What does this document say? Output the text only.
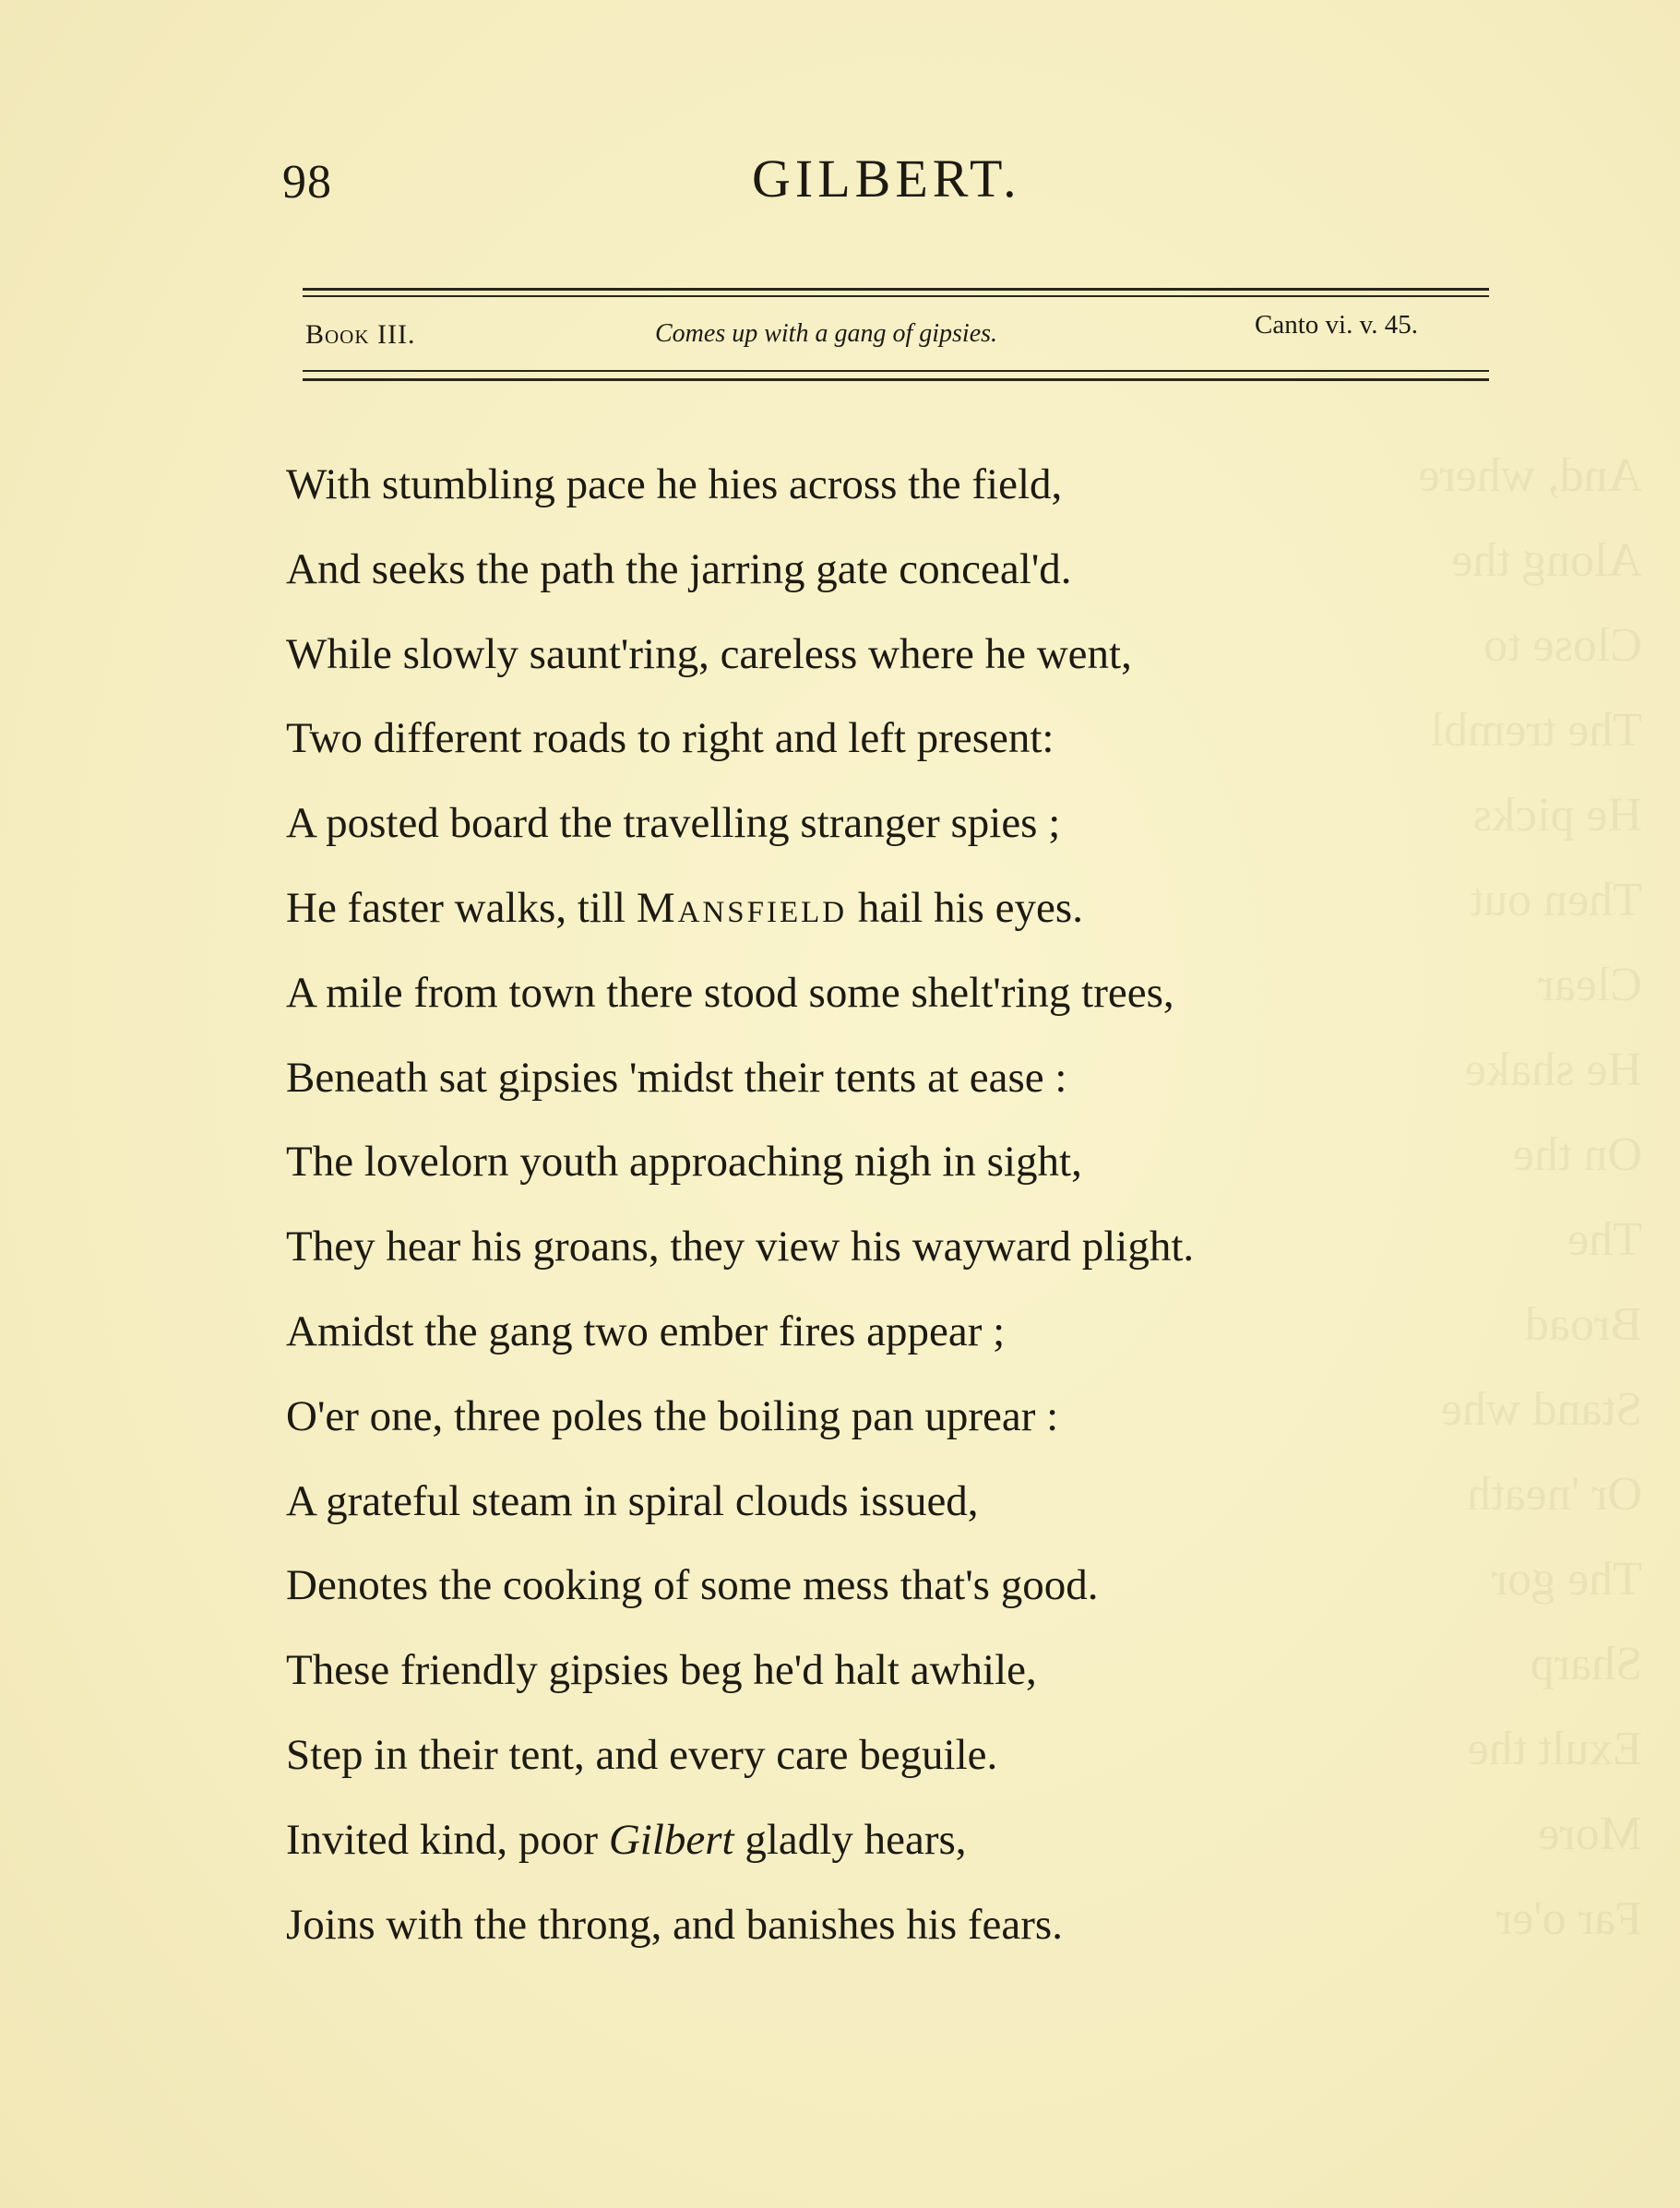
And, where
Along the
Close to
The trembl
He picks
Then out
Clear
He shake
On the
The
Broad
Stand whe
Or 'neath
The gor
Sharp
Exult the
More
Far o'er
98	GILBERT.
Book III.	Comes up with a gang of gipsies.	Canto vi. v. 45.
With stumbling pace he hies across the field,
And seeks the path the jarring gate conceal'd.
While slowly saunt'ring, careless where he went,
Two different roads to right and left present:
A posted board the travelling stranger spies ;
He faster walks, till Mansfield hail his eyes.
A mile from town there stood some shelt'ring trees,
Beneath sat gipsies 'midst their tents at ease :
The lovelorn youth approaching nigh in sight,
They hear his groans, they view his wayward plight.
Amidst the gang two ember fires appear ;
O'er one, three poles the boiling pan uprear :
A grateful steam in spiral clouds issued,
Denotes the cooking of some mess that's good.
These friendly gipsies beg he'd halt awhile,
Step in their tent, and every care beguile.
Invited kind, poor Gilbert gladly hears,
Joins with the throng, and banishes his fears.
